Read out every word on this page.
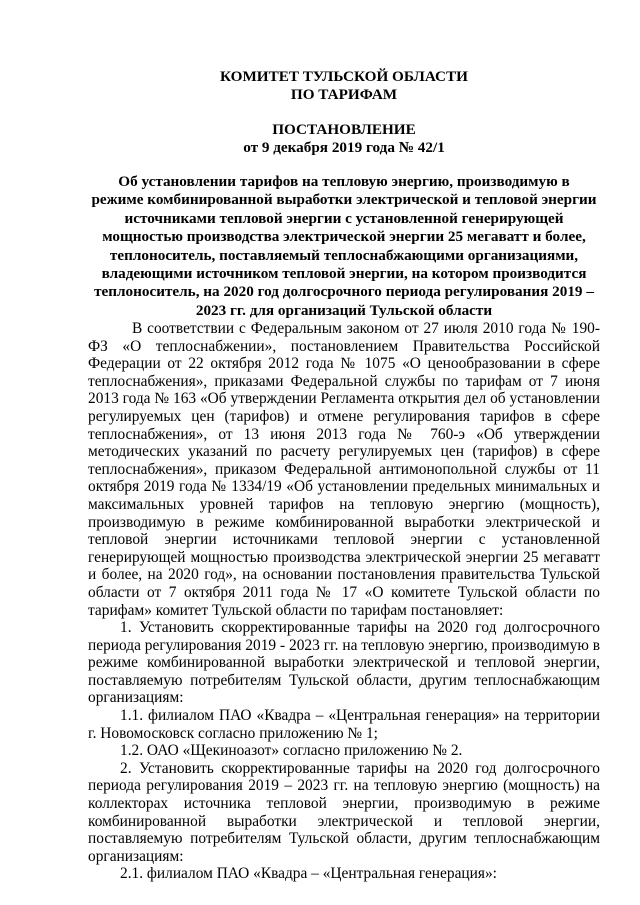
КОМИТЕТ ТУЛЬСКОЙ ОБЛАСТИ
ПО ТАРИФАМ
ПОСТАНОВЛЕНИЕ
от 9 декабря 2019 года № 42/1

Об установлении тарифов на тепловую энергию, производимую в

режиме комбинированной выработки электрической и тепловой энергии

источниками тепловой энергии с установленной генерирующей

мощностью производства электрической энергии 25 мегаватт и более,

теплоноситель, поставляемый теплоснабжающими организациями,

владеющими источником тепловой энергии, на котором производится

теплоноситель, на 2020 год долгосрочного периода регулирования 2019 –

2023 гг. для организаций Тульской области

В соответствии с Федеральным законом от 27 июля 2010 года № 190-ФЗ «О теплоснабжении», постановлением Правительства Российской Федерации от 22 октября 2012 года № 1075 «О ценообразовании в сфере теплоснабжения», приказами Федеральной службы по тарифам от 7 июня 2013 года № 163 «Об утверждении Регламента открытия дел об установлении регулируемых цен (тарифов) и отмене регулирования тарифов в сфере теплоснабжения», от 13 июня 2013 года № 760-э «Об утверждении методических указаний по расчету регулируемых цен (тарифов) в сфере теплоснабжения», приказом Федеральной антимонопольной службы от 11 октября 2019 года № 1334/19 «Об установлении предельных минимальных и максимальных уровней тарифов на тепловую энергию (мощность), производимую в режиме комбинированной выработки электрической и тепловой энергии источниками тепловой энергии с установленной генерирующей мощностью производства электрической энергии 25 мегаватт и более, на 2020 год», на основании постановления правительства Тульской области от 7 октября 2011 года № 17 «О комитете Тульской области по тарифам» комитет Тульской области по тарифам постановляет:

1. Установить скорректированные тарифы на 2020 год долгосрочного периода регулирования 2019 - 2023 гг. на тепловую энергию, производимую в режиме комбинированной выработки электрической и тепловой энергии, поставляемую потребителям Тульской области, другим теплоснабжающим организациям:

1.1. филиалом ПАО «Квадра – «Центральная генерация» на территории г. Новомосковск согласно приложению № 1;

1.2. ОАО «Щекиноазот» согласно приложению № 2.

2. Установить скорректированные тарифы на 2020 год долгосрочного периода регулирования 2019 – 2023 гг. на тепловую энергию (мощность) на коллекторах источника тепловой энергии, производимую в режиме комбинированной выработки электрической и тепловой энергии, поставляемую потребителям Тульской области, другим теплоснабжающим организациям:

2.1. филиалом ПАО «Квадра – «Центральная генерация»:
